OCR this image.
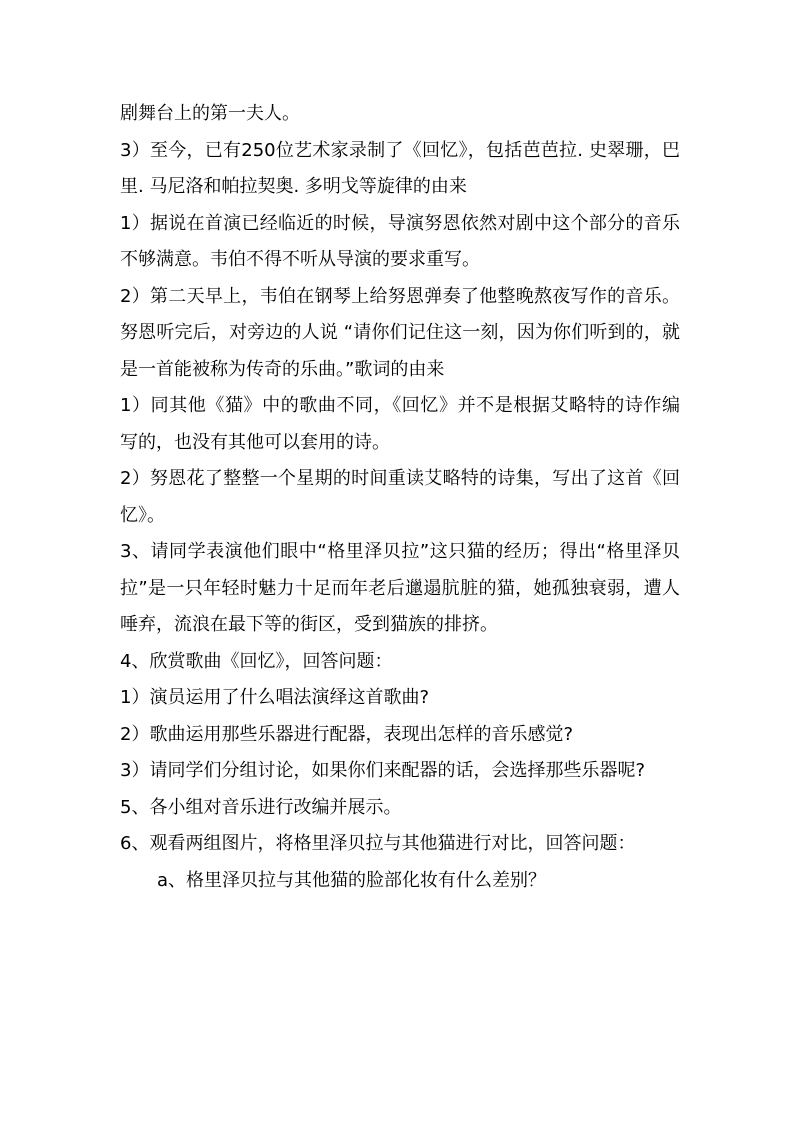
剧舞台上的第一夫人。

3）至今，已有250位艺术家录制了《回忆》，包括芭芭拉. 史翠珊，巴里. 马尼洛和帕拉契奥. 多明戈等旋律的由来

1）据说在首演已经临近的时候，导演努恩依然对剧中这个部分的音乐不够满意。韦伯不得不听从导演的要求重写。

2）第二天早上，韦伯在钢琴上给努恩弹奏了他整晚熬夜写作的音乐。努恩听完后，对旁边的人说 “请你们记住这一刻，因为你们听到的，就是一首能被称为传奇的乐曲。”歌词的由来

1）同其他《猫》中的歌曲不同，《回忆》并不是根据艾略特的诗作编写的，也没有其他可以套用的诗。

2）努恩花了整整一个星期的时间重读艾略特的诗集，写出了这首《回忆》。

3、请同学表演他们眼中“格里泽贝拉”这只猫的经历；得出“格里泽贝拉”是一只年轻时魅力十足而年老后邋遢肮脏的猫，她孤独衰弱，遭人唾弃，流浪在最下等的街区，受到猫族的排挤。

4、欣赏歌曲《回忆》，回答问题：

1）演员运用了什么唱法演绎这首歌曲?

2）歌曲运用那些乐器进行配器，表现出怎样的音乐感觉?

3）请同学们分组讨论，如果你们来配器的话，会选择那些乐器呢?

5、各小组对音乐进行改编并展示。

6、观看两组图片，将格里泽贝拉与其他猫进行对比，回答问题：

a、格里泽贝拉与其他猫的脸部化妆有什么差别？
